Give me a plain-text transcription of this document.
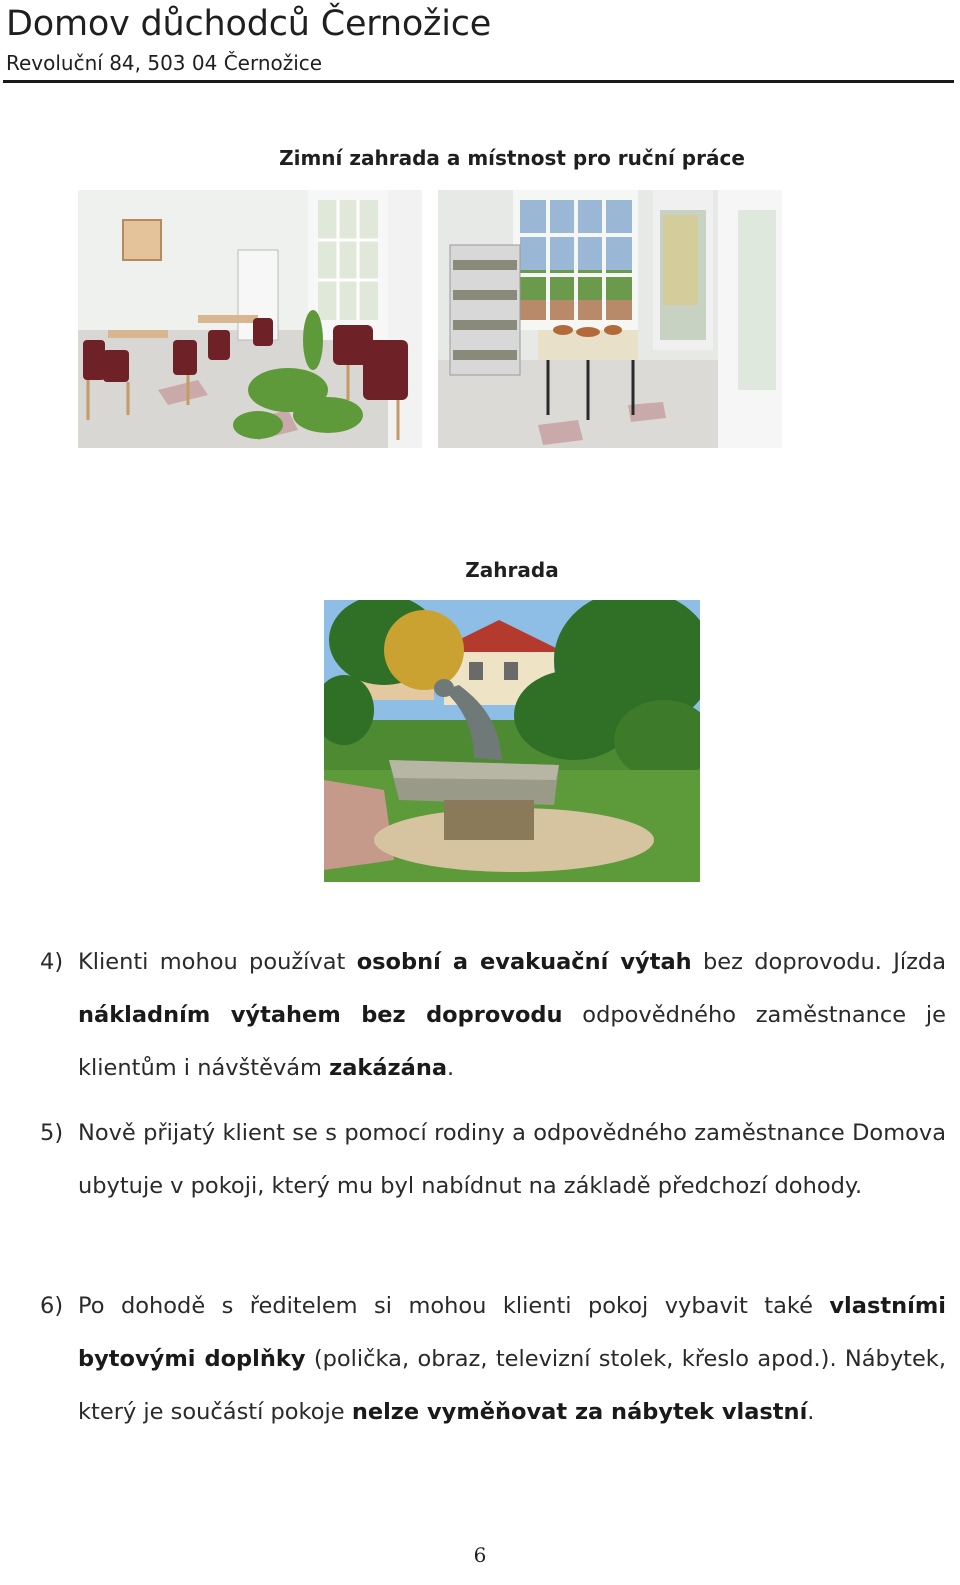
Domov důchodců Černožice
Revoluční 84, 503 04 Černožice
Zimní zahrada a místnost pro ruční práce
Zahrada
4) Klienti mohou používat osobní a evakuační výtah bez doprovodu. Jízda nákladním výtahem bez doprovodu odpovědného zaměstnance je klientům i návštěvám zakázána.
5) Nově přijatý klient se s pomocí rodiny a odpovědného zaměstnance Domova ubytuje v pokoji, který mu byl nabídnut na základě předchozí dohody.
6) Po dohodě s ředitelem si mohou klienti pokoj vybavit také vlastními bytovými doplňky (polička, obraz, televizní stolek, křeslo apod.). Nábytek, který je součástí pokoje nelze vyměňovat za nábytek vlastní.
6
